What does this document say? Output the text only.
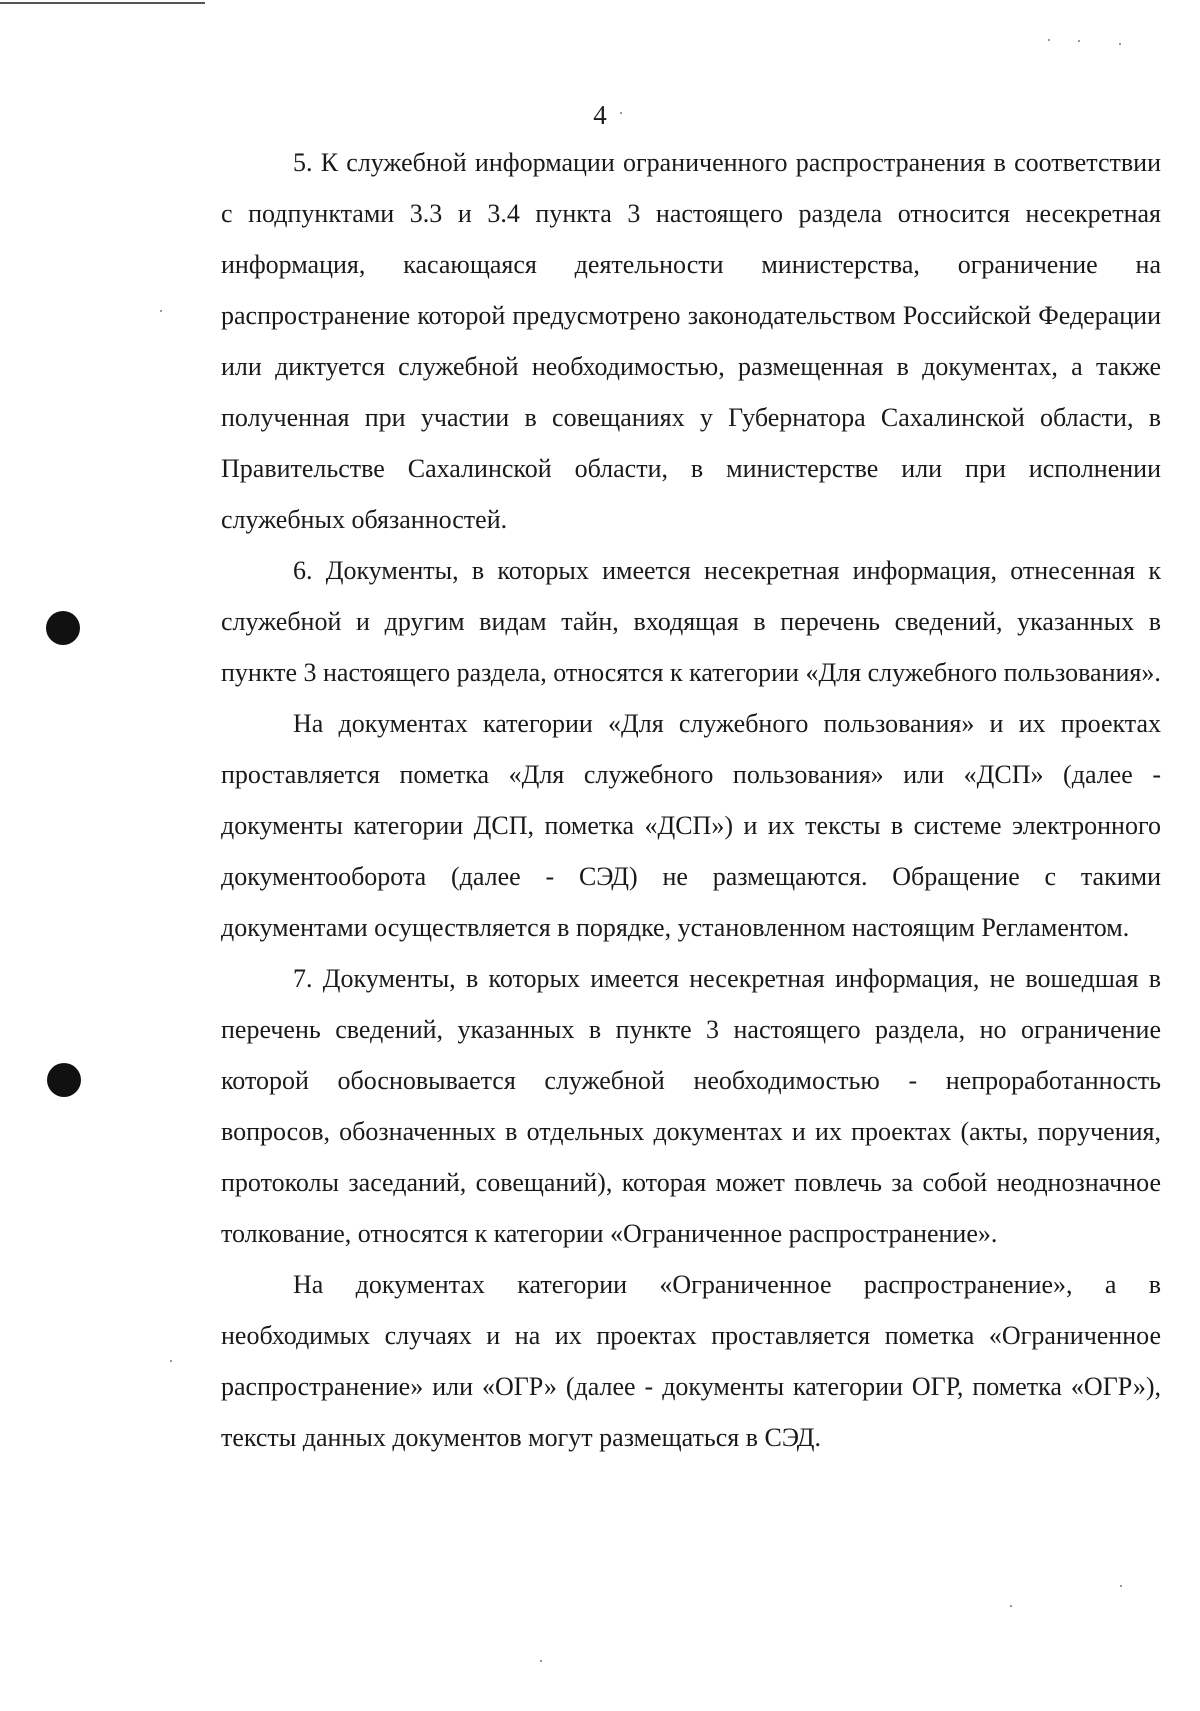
4

5. К служебной информации ограниченного распространения в соответствии с подпунктами 3.3 и 3.4 пункта 3 настоящего раздела относится несекретная информация, касающаяся деятельности министерства, ограничение на распространение которой предусмотрено законодательством Российской Федерации или диктуется служебной необходимостью, размещенная в документах, а также полученная при участии в совещаниях у Губернатора Сахалинской области, в Правительстве Сахалинской области, в министерстве или при исполнении служебных обязанностей.

6. Документы, в которых имеется несекретная информация, отнесенная к служебной и другим видам тайн, входящая в перечень сведений, указанных в пункте 3 настоящего раздела, относятся к категории «Для служебного пользования».

На документах категории «Для служебного пользования» и их проектах проставляется пометка «Для служебного пользования» или «ДСП» (далее - документы категории ДСП, пометка «ДСП») и их тексты в системе электронного документооборота (далее - СЭД) не размещаются. Обращение с такими документами осуществляется в порядке, установленном настоящим Регламентом.

7. Документы, в которых имеется несекретная информация, не вошедшая в перечень сведений, указанных в пункте 3 настоящего раздела, но ограничение которой обосновывается служебной необходимостью - непроработанность вопросов, обозначенных в отдельных документах и их проектах (акты, поручения, протоколы заседаний, совещаний), которая может повлечь за собой неоднозначное толкование, относятся к категории «Ограниченное распространение».

На документах категории «Ограниченное распространение», а в необходимых случаях и на их проектах проставляется пометка «Ограниченное распространение» или «ОГР» (далее - документы категории ОГР, пометка «ОГР»), тексты данных документов могут размещаться в СЭД.
